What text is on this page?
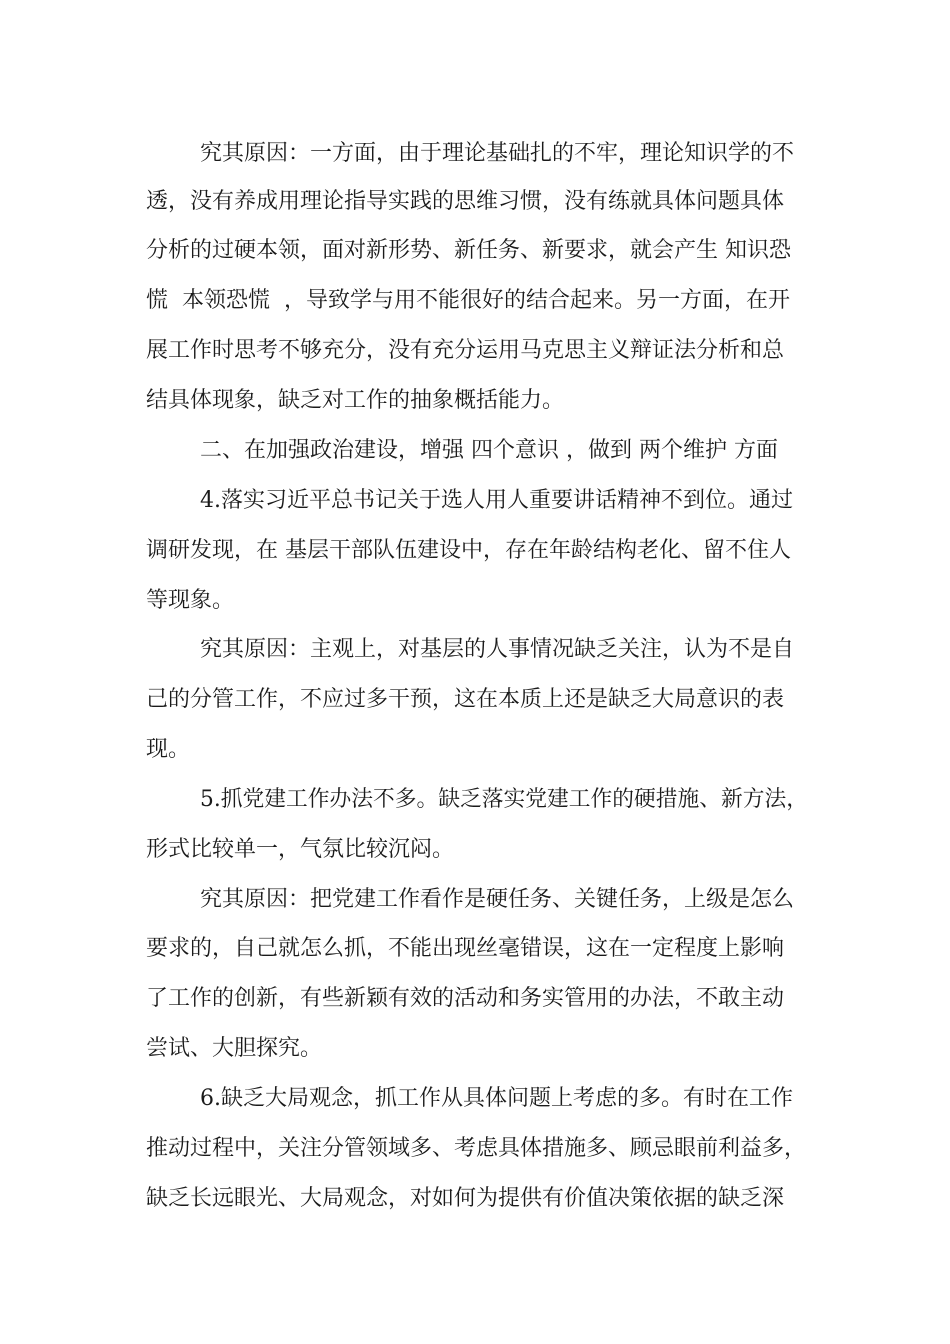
究其原因：一方面，由于理论基础扎的不牢，理论知识学的不
透，没有养成用理论指导实践的思维习惯，没有练就具体问题具体
分析的过硬本领，面对新形势、新任务、新要求，就会产生 知识恐
慌  本领恐慌  ，导致学与用不能很好的结合起来。另一方面，在开
展工作时思考不够充分，没有充分运用马克思主义辩证法分析和总
结具体现象，缺乏对工作的抽象概括能力。
二、在加强政治建设，增强 四个意识 ，做到 两个维护 方面
4.落实习近平总书记关于选人用人重要讲话精神不到位。通过
调研发现，在 基层干部队伍建设中，存在年龄结构老化、留不住人
等现象。
究其原因：主观上，对基层的人事情况缺乏关注，认为不是自
己的分管工作，不应过多干预，这在本质上还是缺乏大局意识的表
现。
5.抓党建工作办法不多。缺乏落实党建工作的硬措施、新方法，
形式比较单一，气氛比较沉闷。
究其原因：把党建工作看作是硬任务、关键任务，上级是怎么
要求的，自己就怎么抓，不能出现丝毫错误，这在一定程度上影响
了工作的创新，有些新颖有效的活动和务实管用的办法，不敢主动
尝试、大胆探究。
6.缺乏大局观念，抓工作从具体问题上考虑的多。有时在工作
推动过程中，关注分管领域多、考虑具体措施多、顾忌眼前利益多，
缺乏长远眼光、大局观念，对如何为提供有价值决策依据的缺乏深
